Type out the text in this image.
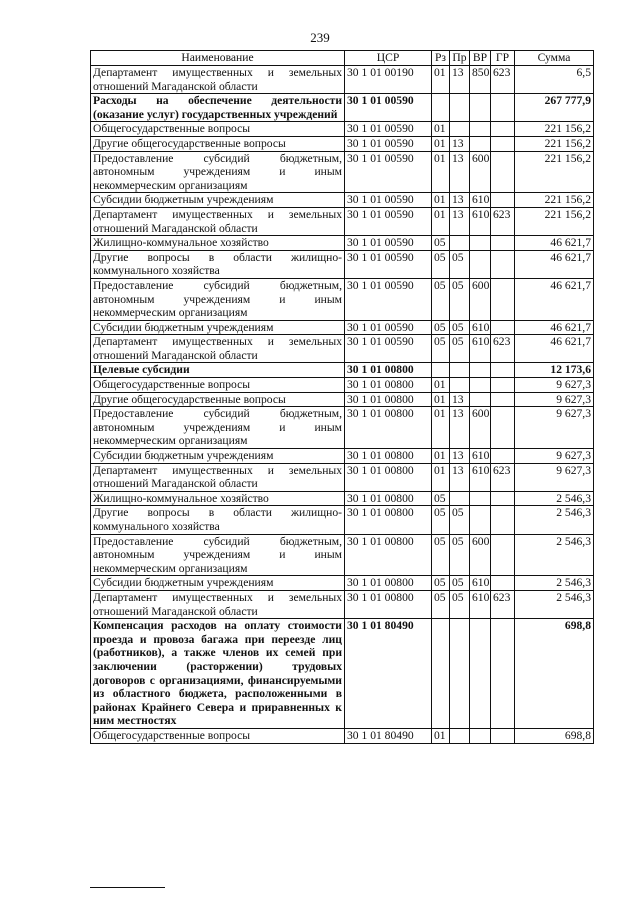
239
Наименование	ЦСР	Рз	Пр	ВР	ГР	Сумма
Департамент имущественных и земельных отношений Магаданской области	30 1 01 00190	01	13	850	623	6,5
Расходы на обеспечение деятельности (оказание услуг) государственных учреждений	30 1 01 00590					267 777,9
Общегосударственные вопросы	30 1 01 00590	01				221 156,2
Другие общегосударственные вопросы	30 1 01 00590	01	13			221 156,2
Предоставление субсидий бюджетным, автономным учреждениям и иным некоммерческим организациям	30 1 01 00590	01	13	600		221 156,2
Субсидии бюджетным учреждениям	30 1 01 00590	01	13	610		221 156,2
Департамент имущественных и земельных отношений Магаданской области	30 1 01 00590	01	13	610	623	221 156,2
Жилищно-коммунальное хозяйство	30 1 01 00590	05				46 621,7
Другие вопросы в области жилищно-коммунального хозяйства	30 1 01 00590	05	05			46 621,7
Предоставление субсидий бюджетным, автономным учреждениям и иным некоммерческим организациям	30 1 01 00590	05	05	600		46 621,7
Субсидии бюджетным учреждениям	30 1 01 00590	05	05	610		46 621,7
Департамент имущественных и земельных отношений Магаданской области	30 1 01 00590	05	05	610	623	46 621,7
Целевые субсидии	30 1 01 00800					12 173,6
Общегосударственные вопросы	30 1 01 00800	01				9 627,3
Другие общегосударственные вопросы	30 1 01 00800	01	13			9 627,3
Предоставление субсидий бюджетным, автономным учреждениям и иным некоммерческим организациям	30 1 01 00800	01	13	600		9 627,3
Субсидии бюджетным учреждениям	30 1 01 00800	01	13	610		9 627,3
Департамент имущественных и земельных отношений Магаданской области	30 1 01 00800	01	13	610	623	9 627,3
Жилищно-коммунальное хозяйство	30 1 01 00800	05				2 546,3
Другие вопросы в области жилищно-коммунального хозяйства	30 1 01 00800	05	05			2 546,3
Предоставление субсидий бюджетным, автономным учреждениям и иным некоммерческим организациям	30 1 01 00800	05	05	600		2 546,3
Субсидии бюджетным учреждениям	30 1 01 00800	05	05	610		2 546,3
Департамент имущественных и земельных отношений Магаданской области	30 1 01 00800	05	05	610	623	2 546,3
Компенсация расходов на оплату стоимости проезда и провоза багажа при переезде лиц (работников), а также членов их семей при заключении (расторжении) трудовых договоров с организациями, финансируемыми из областного бюджета, расположенными в районах Крайнего Севера и приравненных к ним местностях	30 1 01 80490					698,8
Общегосударственные вопросы	30 1 01 80490	01				698,8
